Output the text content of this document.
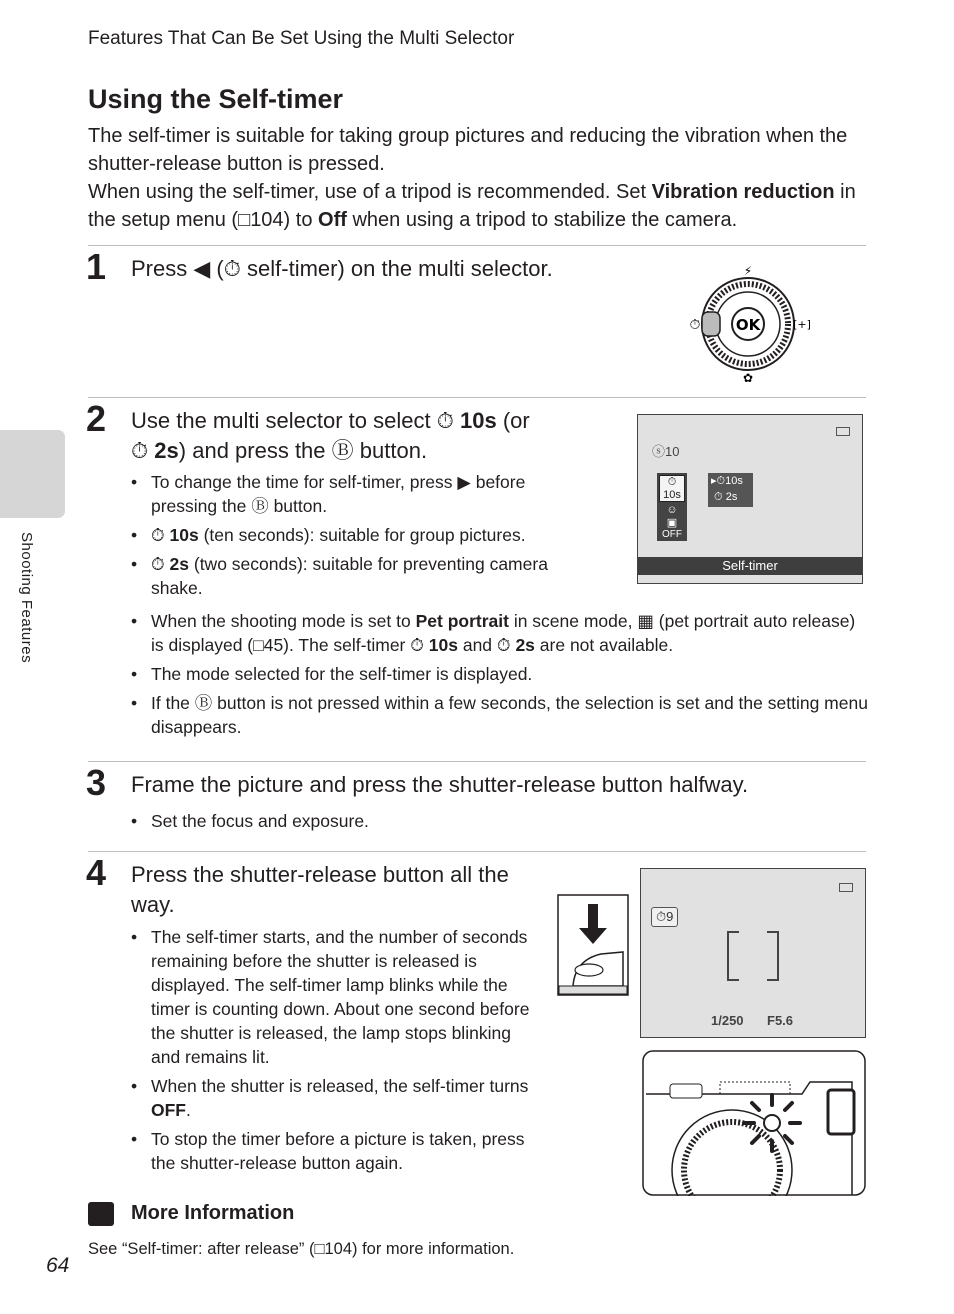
Features That Can Be Set Using the Multi Selector
Using the Self-timer

The self-timer is suitable for taking group pictures and reducing the vibration when the shutter-release button is pressed.

When using the self-timer, use of a tripod is recommended. Set Vibration reduction in the setup menu (□104) to Off when using a tripod to stabilize the camera.

Shooting Features
1 Press ◀ (⏱ self-timer) on the multi selector.	⚡
OK
⏱	[+]
✿
2 Use the multi selector to select ⏱ 10s (or
⏱ 2s) and press the Ⓑ button.
• To change the time for self-timer, press ▶ before pressing the Ⓑ button.
• ⏱ 10s (ten seconds): suitable for group pictures.
• ⏱ 2s (two seconds): suitable for preventing camera shake.
• When the shooting mode is set to Pet portrait in scene mode, ▦ (pet portrait auto release) is displayed (□45). The self-timer ⏱ 10s and ⏱ 2s are not available.
• The mode selected for the self-timer is displayed.
• If the Ⓑ button is not pressed within a few seconds, the selection is set and the setting menu disappears.
ⓢ10
⏱10s
☺
▣
OFF
▸⏱10s
⏱ 2s
Self-timer
3 Frame the picture and press the shutter-release button halfway.
• Set the focus and exposure.
4 Press the shutter-release button all the way.
• The self-timer starts, and the number of seconds remaining before the shutter is released is displayed. The self-timer lamp blinks while the timer is counting down. About one second before the shutter is released, the lamp stops blinking and remains lit.
• When the shutter is released, the self-timer turns OFF.
• To stop the timer before a picture is taken, press the shutter-release button again.
⏱9
1/250 F5.6
More Information
See “Self-timer: after release” (□104) for more information.
64
